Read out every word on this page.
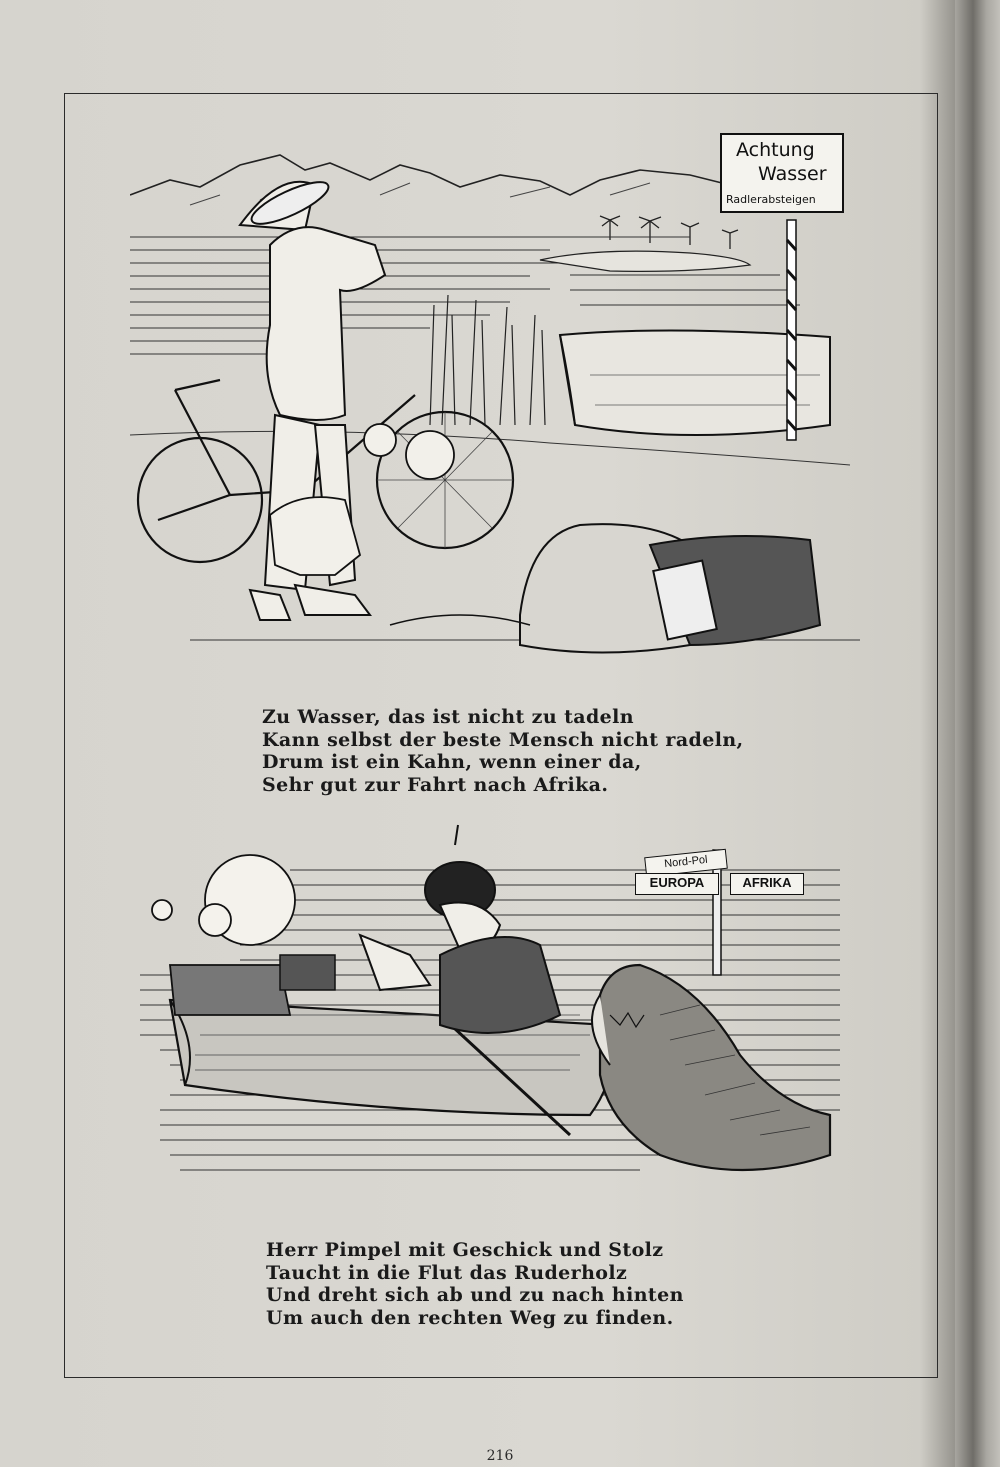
Achtung
Wasser
Radlerabsteigen
Zu Wasser, das ist nicht zu tadeln
Kann selbst der beste Mensch nicht radeln,
Drum ist ein Kahn, wenn einer da,
Sehr gut zur Fahrt nach Afrika.
Nord-Pol
EUROPA	AFRIKA
Herr Pimpel mit Geschick und Stolz
Taucht in die Flut das Ruderholz
Und dreht sich ab und zu nach hinten
Um auch den rechten Weg zu finden.
216
